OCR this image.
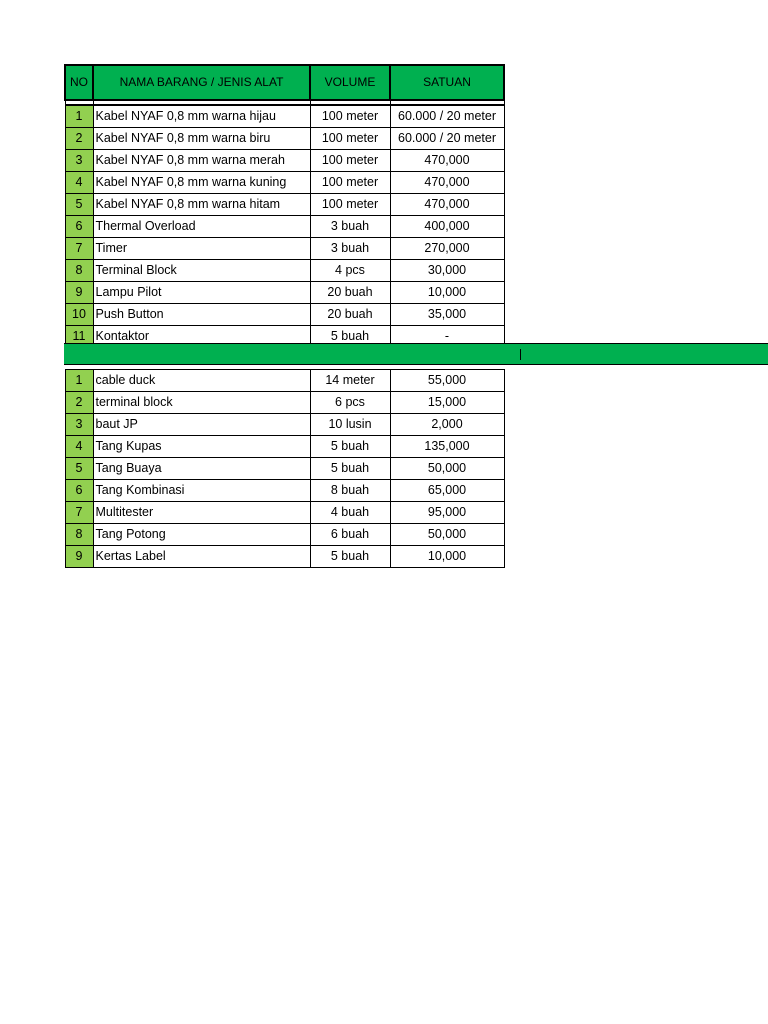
NO	NAMA BARANG / JENIS ALAT	VOLUME	SATUAN

1	Kabel NYAF 0,8 mm warna hijau	100 meter	60.000 / 20 meter
2	Kabel NYAF 0,8 mm warna biru	100 meter	60.000 / 20 meter
3	Kabel NYAF 0,8 mm warna merah	100 meter	470,000
4	Kabel NYAF 0,8 mm warna kuning	100 meter	470,000
5	Kabel NYAF 0,8 mm warna hitam	100 meter	470,000
6	Thermal Overload	3 buah	400,000
7	Timer	3 buah	270,000
8	Terminal Block	4 pcs	30,000
9	Lampu Pilot	20 buah	10,000
10	Push Button	20 buah	35,000
11	Kontaktor	5 buah	-

1	cable duck	14 meter	55,000
2	terminal block	6 pcs	15,000
3	baut JP	10 lusin	2,000
4	Tang Kupas	5 buah	135,000
5	Tang Buaya	5 buah	50,000
6	Tang Kombinasi	8 buah	65,000
7	Multitester	4 buah	95,000
8	Tang Potong	6 buah	50,000
9	Kertas Label	5 buah	10,000
